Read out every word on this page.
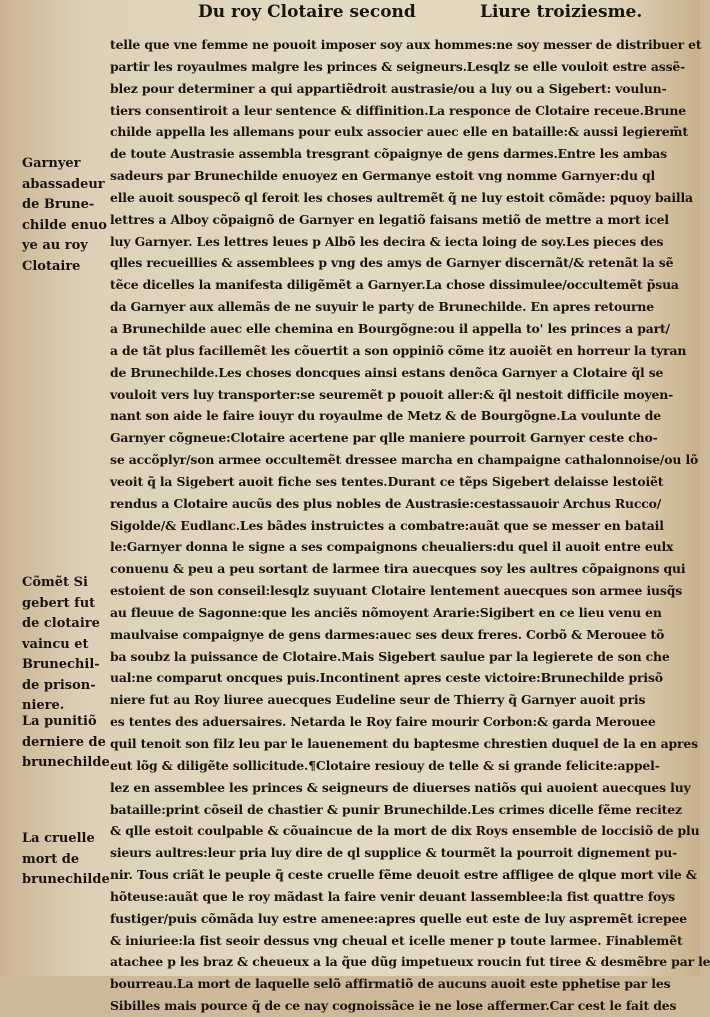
Du roy Clotaire second	Liure troiziesme.
telle que vne femme ne pouoit imposer soy aux hommes:ne soy messer de distribuer et
partir les royaulmes malgre les princes & seigneurs.Lesqlz se elle vouloit estre assẽ-
blez pour determiner a qui appartiẽdroit austrasie/ou a luy ou a Sigebert: voulun-
tiers consentiroit a leur sentence & diffinition.La responce de Clotaire receue.Brune
childe appella les allemans pour eulx associer auec elle en bataille:& aussi legierem̃t
de toute Austrasie assembla tresgrant cõpaignye de gens darmes.Entre les ambas
sadeurs par Brunechilde enuoyez en Germanye estoit vng nomme Garnyer:du ql
elle auoit souspecõ ql feroit les choses aultremẽt q̃ ne luy estoit cõmãde: pquoy bailla
lettres a Alboy cõpaignõ de Garnyer en legatiõ faisans metiõ de mettre a mort icel
luy Garnyer. Les lettres leues p Albõ les decira & iecta loing de soy.Les pieces des
qlles recueillies & assemblees p vng des amys de Garnyer discernãt/& retenãt la sẽ
tẽce dicelles la manifesta diligẽmẽt a Garnyer.La chose dissimulee/occultemẽt p̃sua
da Garnyer aux allemãs de ne suyuir le party de Brunechilde. En apres retourne
a Brunechilde auec elle chemina en Bourgõgne:ou il appella to' les princes a part/
a de tãt plus facillemẽt les cõuertit a son oppiniõ cõme itz auoiẽt en horreur la tyran
de Brunechilde.Les choses doncques ainsi estans denõca Garnyer a Clotaire q̃l se
vouloit vers luy transporter:se seuremẽt p pouoit aller:& q̃l nestoit difficile moyen-
nant son aide le faire iouyr du royaulme de Metz & de Bourgõgne.La voulunte de
Garnyer cõgneue:Clotaire acertene par qlle maniere pourroit Garnyer ceste cho-
se accõplyr/son armee occultemẽt dressee marcha en champaigne cathalonnoise/ou lõ
veoit q̃ la Sigebert auoit fiche ses tentes.Durant ce tẽps Sigebert delaisse lestoiẽt
rendus a Clotaire aucũs des plus nobles de Austrasie:cestassauoir Archus Rucco/
Sigolde/& Eudlanc.Les bãdes instruictes a combatre:auãt que se messer en batail
le:Garnyer donna le signe a ses compaignons cheualiers:du quel il auoit entre eulx
conuenu & peu a peu sortant de larmee tira auecques soy les aultres cõpaignons qui
estoient de son conseil:lesqlz suyuant Clotaire lentement auecques son armee iusq̃s
au fleuue de Sagonne:que les anciẽs nõmoyent Ararie:Sigibert en ce lieu venu en
maulvaise compaignye de gens darmes:auec ses deux freres. Corbõ & Merouee tõ
ba soubz la puissance de Clotaire.Mais Sigebert saulue par la legierete de son che
ual:ne comparut oncques puis.Incontinent apres ceste victoire:Brunechilde prisõ
niere fut au Roy liuree auecques Eudeline seur de Thierry q̃ Garnyer auoit pris
es tentes des aduersaires. Netarda le Roy faire mourir Corbon:& garda Merouee
quil tenoit son filz leu par le lauenement du baptesme chrestien duquel de la en apres
eut lõg & diligẽte sollicitude.¶Clotaire resiouy de telle & si grande felicite:appel-
lez en assemblee les princes & seigneurs de diuerses natiõs qui auoient auecques luy
bataille:print cõseil de chastier & punir Brunechilde.Les crimes dicelle fẽme recitez
& qlle estoit coulpable & cõuaincue de la mort de dix Roys ensemble de loccisiõ de plu
sieurs aultres:leur pria luy dire de ql supplice & tourmẽt la pourroit dignement pu-
nir. Tous criãt le peuple q̃ ceste cruelle fẽme deuoit estre affligee de qlque mort vile &
hõteuse:auãt que le roy mãdast la faire venir deuant lassemblee:la fist quattre foys
fustiger/puis cõmãda luy estre amenee:apres quelle eut este de luy aspremẽt icrepee
& iniuriee:la fist seoir dessus vng cheual et icelle mener p toute larmee. Finablemẽt
atachee p les braz & cheueux a la q̃ue dũg impetueux roucin fut tiree & desmẽbre par le
bourreau.La mort de laquelle selõ affirmatiõ de aucuns auoit este pphetise par les
Sibilles mais pource q̃ de ce nay cognoissãce ie ne lose affermer.Car cest le fait des
Garnyer
abassadeur
de Brune-
childe enuo
ye au roy
Clotaire
Cõmẽt Si
gebert fut
de clotaire
vaincu et
Brunechil-
de prison-
niere.
La punitiõ
derniere de
brunechilde
La cruelle
mort de
brunechilde
